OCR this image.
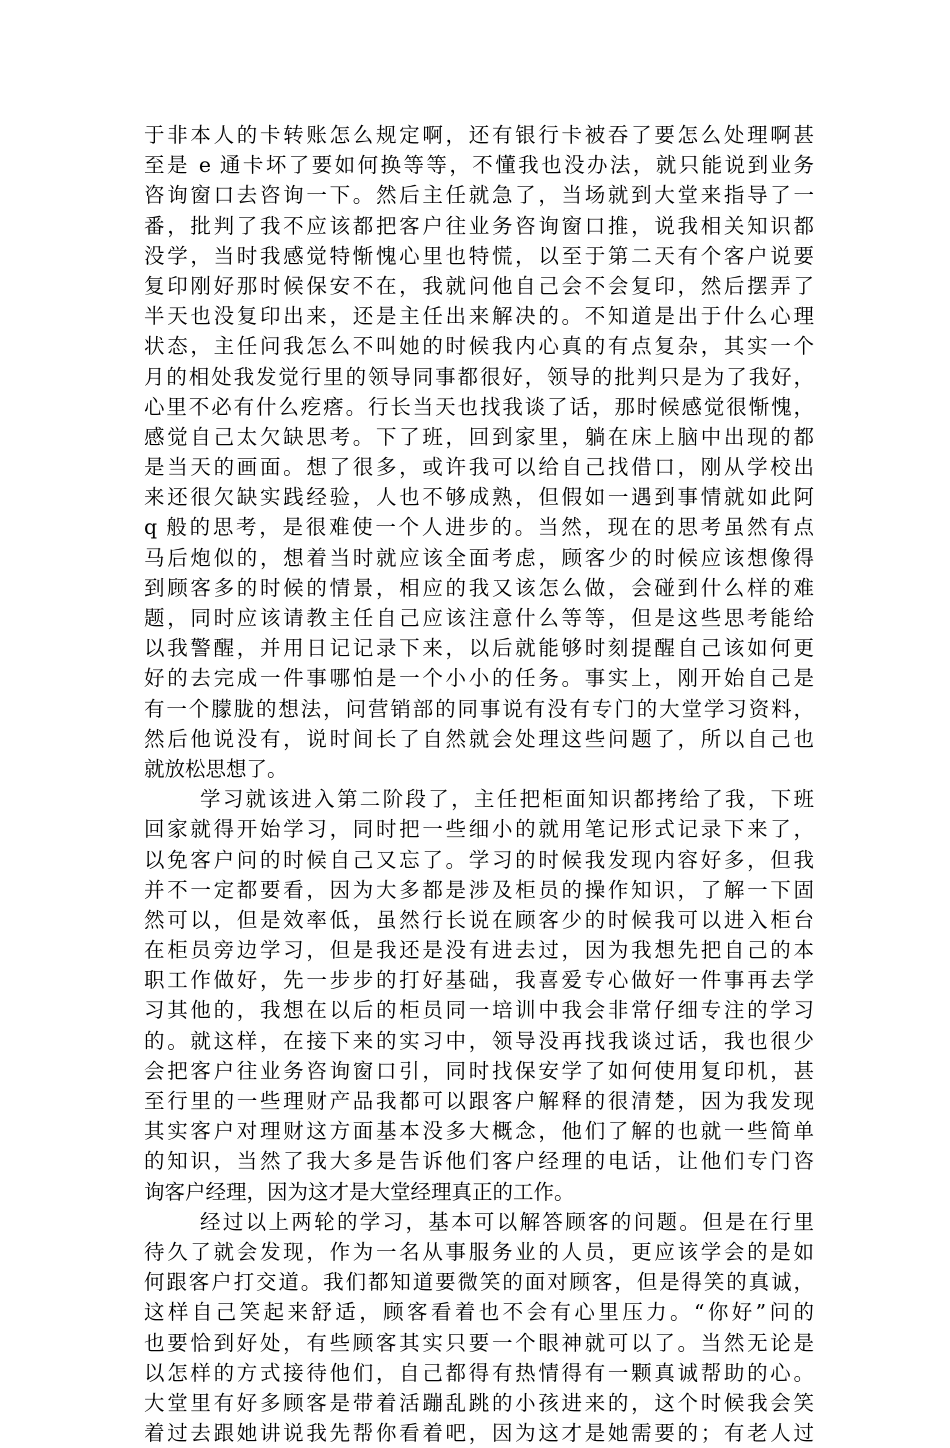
于非本人的卡转账怎么规定啊，还有银行卡被吞了要怎么处理啊甚
至是 e 通卡坏了要如何换等等，不懂我也没办法，就只能说到业务
咨询窗口去咨询一下。然后主任就急了，当场就到大堂来指导了一
番，批判了我不应该都把客户往业务咨询窗口推，说我相关知识都
没学，当时我感觉特惭愧心里也特慌，以至于第二天有个客户说要
复印刚好那时候保安不在，我就问他自己会不会复印，然后摆弄了
半天也没复印出来，还是主任出来解决的。不知道是出于什么心理
状态，主任问我怎么不叫她的时候我内心真的有点复杂，其实一个
月的相处我发觉行里的领导同事都很好，领导的批判只是为了我好，
心里不必有什么疙瘩。行长当天也找我谈了话，那时候感觉很惭愧，
感觉自己太欠缺思考。下了班，回到家里，躺在床上脑中出现的都
是当天的画面。想了很多，或许我可以给自己找借口，刚从学校出
来还很欠缺实践经验，人也不够成熟，但假如一遇到事情就如此阿
q 般的思考，是很难使一个人进步的。当然，现在的思考虽然有点
马后炮似的，想着当时就应该全面考虑，顾客少的时候应该想像得
到顾客多的时候的情景，相应的我又该怎么做，会碰到什么样的难
题，同时应该请教主任自己应该注意什么等等，但是这些思考能给
以我警醒，并用日记记录下来，以后就能够时刻提醒自己该如何更
好的去完成一件事哪怕是一个小小的任务。事实上，刚开始自己是
有一个朦胧的想法，问营销部的同事说有没有专门的大堂学习资料，
然后他说没有，说时间长了自然就会处理这些问题了，所以自己也
就放松思想了。
学习就该进入第二阶段了，主任把柜面知识都拷给了我，下班
回家就得开始学习，同时把一些细小的就用笔记形式记录下来了，
以免客户问的时候自己又忘了。学习的时候我发现内容好多，但我
并不一定都要看，因为大多都是涉及柜员的操作知识，了解一下固
然可以，但是效率低，虽然行长说在顾客少的时候我可以进入柜台
在柜员旁边学习，但是我还是没有进去过，因为我想先把自己的本
职工作做好，先一步步的打好基础，我喜爱专心做好一件事再去学
习其他的，我想在以后的柜员同一培训中我会非常仔细专注的学习
的。就这样，在接下来的实习中，领导没再找我谈过话，我也很少
会把客户往业务咨询窗口引，同时找保安学了如何使用复印机，甚
至行里的一些理财产品我都可以跟客户解释的很清楚，因为我发现
其实客户对理财这方面基本没多大概念，他们了解的也就一些简单
的知识，当然了我大多是告诉他们客户经理的电话，让他们专门咨
询客户经理，因为这才是大堂经理真正的工作。
经过以上两轮的学习，基本可以解答顾客的问题。但是在行里
待久了就会发现，作为一名从事服务业的人员，更应该学会的是如
何跟客户打交道。我们都知道要微笑的面对顾客，但是得笑的真诚，
这样自己笑起来舒适，顾客看着也不会有心里压力。“你好”问的
也要恰到好处，有些顾客其实只要一个眼神就可以了。当然无论是
以怎样的方式接待他们，自己都得有热情得有一颗真诚帮助的心。
大堂里有好多顾客是带着活蹦乱跳的小孩进来的，这个时候我会笑
着过去跟她讲说我先帮你看着吧，因为这才是她需要的；有老人过
